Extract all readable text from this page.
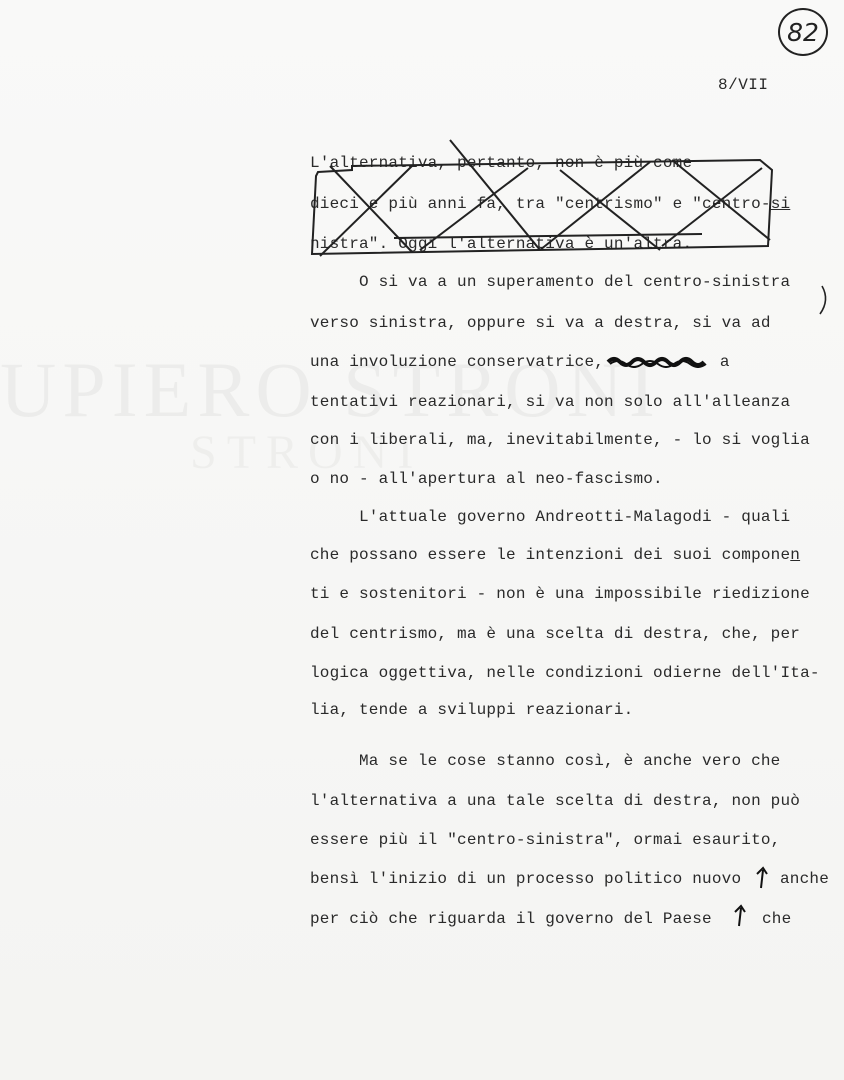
82
8/VII
L'alternativa, pertanto, non è più come
dieci e più anni fa, tra "centrismo" e "centro-si
nistra". Oggi l'alternativa è un'altra.
O si va a un superamento del centro-sinistra
verso sinistra, oppure si va a destra, si va ad
una involuzione conservatrice,	a
tentativi reazionari, si va non solo all'alleanza
con i liberali, ma, inevitabilmente, - lo si voglia
o no - all'apertura al neo-fascismo.
L'attuale governo Andreotti-Malagodi - quali
che possano essere le intenzioni dei suoi componen
ti e sostenitori - non è una impossibile riedizione
del centrismo, ma è una scelta di destra, che, per
logica oggettiva, nelle condizioni odierne dell'Ita-
lia, tende a sviluppi reazionari.
Ma se le cose stanno così, è anche vero che
l'alternativa a una tale scelta di destra, non può
essere più il "centro-sinistra", ormai esaurito,
bensì l'inizio di un processo politico nuovo anche
per ciò che riguarda il governo del Paese	che
